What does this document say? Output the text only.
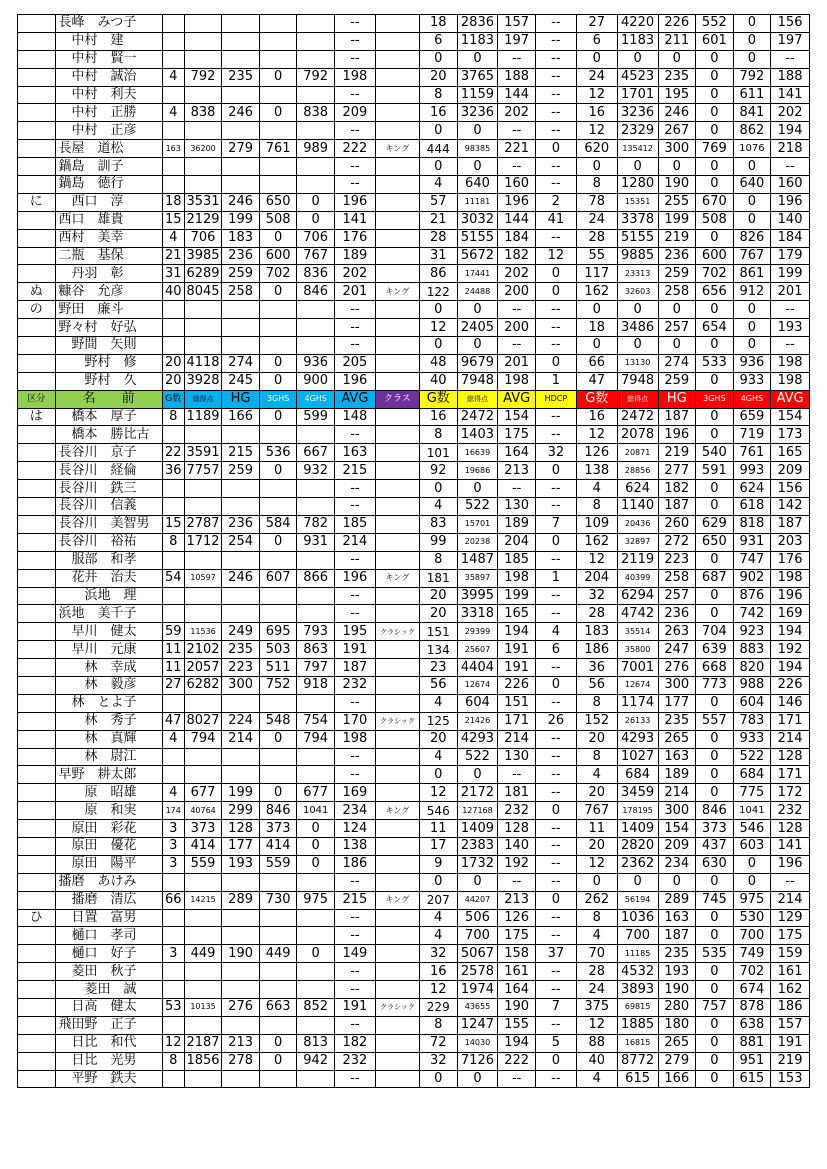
	長峰　みつ子						--		18	2836	157	--	27	4220	226	552	0	156
	　中村　建						--		6	1183	197	--	6	1183	211	601	0	197
	　中村　賢一						--		0	0	--	--	0	0	0	0	0	--
	　中村　誠治	4	792	235	0	792	198		20	3765	188	--	24	4523	235	0	792	188
	　中村　利夫						--		8	1159	144	--	12	1701	195	0	611	141
	　中村　正勝	4	838	246	0	838	209		16	3236	202	--	16	3236	246	0	841	202
	　中村　正彦						--		0	0	--	--	12	2329	267	0	862	194
	長屋　道松	163	36200	279	761	989	222	キング	444	98385	221	0	620	135412	300	769	1076	218
	鍋島　訓子						--		0	0	--	--	0	0	0	0	0	--
	鍋島　徳行						--		4	640	160	--	8	1280	190	0	640	160
に	　西口　淳	18	3531	246	650	0	196		57	11181	196	2	78	15351	255	670	0	196
	西口　雄貴	15	2129	199	508	0	141		21	3032	144	41	24	3378	199	508	0	140
	西村　美幸	4	706	183	0	706	176		28	5155	184	--	28	5155	219	0	826	184
	二瓶　基保	21	3985	236	600	767	189		31	5672	182	12	55	9885	236	600	767	179
	　丹羽　彰	31	6289	259	702	836	202		86	17441	202	0	117	23313	259	702	861	199
ぬ	糠谷　允彦	40	8045	258	0	846	201	キング	122	24488	200	0	162	32603	258	656	912	201
の	野田　廉斗						--		0	0	--	--	0	0	0	0	0	--
	野々村　好弘						--		12	2405	200	--	18	3486	257	654	0	193
	　野間　矢則						--		0	0	--	--	0	0	0	0	0	--
	　　野村　修	20	4118	274	0	936	205		48	9679	201	0	66	13130	274	533	936	198
	　　野村　久	20	3928	245	0	900	196		40	7948	198	1	47	7948	259	0	933	198
区分	名　　前	G数	総得点	HG	3GHS	4GHS	AVG	クラス	G数	総得点	AVG	HDCP	G数	総得点	HG	3GHS	4GHS	AVG
は	　橋本　厚子	8	1189	166	0	599	148		16	2472	154	--	16	2472	187	0	659	154
	　橋本　勝比古						--		8	1403	175	--	12	2078	196	0	719	173
	長谷川　京子	22	3591	215	536	667	163		101	16639	164	32	126	20871	219	540	761	165
	長谷川　経倫	36	7757	259	0	932	215		92	19686	213	0	138	28856	277	591	993	209
	長谷川　鉄三						--		0	0	--	--	4	624	182	0	624	156
	長谷川　信義						--		4	522	130	--	8	1140	187	0	618	142
	長谷川　美智男	15	2787	236	584	782	185		83	15701	189	7	109	20436	260	629	818	187
	長谷川　裕祐	8	1712	254	0	931	214		99	20238	204	0	162	32897	272	650	931	203
	　服部　和孝						--		8	1487	185	--	12	2119	223	0	747	176
	　花井　治夫	54	10597	246	607	866	196	キング	181	35897	198	1	204	40399	258	687	902	198
	　　浜地　理						--		20	3995	199	--	32	6294	257	0	876	196
	浜地　美千子						--		20	3318	165	--	28	4742	236	0	742	169
	　早川　健太	59	11536	249	695	793	195	クラシック	151	29399	194	4	183	35514	263	704	923	194
	　早川　元康	11	2102	235	503	863	191		134	25607	191	6	186	35800	247	639	883	192
	　　林　幸成	11	2057	223	511	797	187		23	4404	191	--	36	7001	276	668	820	194
	　　林　毅彦	27	6282	300	752	918	232		56	12674	226	0	56	12674	300	773	988	226
	　林　とよ子						--		4	604	151	--	8	1174	177	0	604	146
	　　林　秀子	47	8027	224	548	754	170	クラシック	125	21426	171	26	152	26133	235	557	783	171
	　　林　真輝	4	794	214	0	794	198		20	4293	214	--	20	4293	265	0	933	214
	　　林　尉江						--		4	522	130	--	8	1027	163	0	522	128
	早野　耕太郎						--		0	0	--	--	4	684	189	0	684	171
	　　原　昭雄	4	677	199	0	677	169		12	2172	181	--	20	3459	214	0	775	172
	　　原　和実	174	40764	299	846	1041	234	キング	546	127168	232	0	767	178195	300	846	1041	232
	　原田　彩花	3	373	128	373	0	124		11	1409	128	--	11	1409	154	373	546	128
	　原田　優花	3	414	177	414	0	138		17	2383	140	--	20	2820	209	437	603	141
	　原田　陽平	3	559	193	559	0	186		9	1732	192	--	12	2362	234	630	0	196
	播磨　あけみ						--		0	0	--	--	0	0	0	0	0	--
	　播磨　清広	66	14215	289	730	975	215	キング	207	44207	213	0	262	56194	289	745	975	214
ひ	　日置　富男						--		4	506	126	--	8	1036	163	0	530	129
	　樋口　孝司						--		4	700	175	--	4	700	187	0	700	175
	　樋口　好子	3	449	190	449	0	149		32	5067	158	37	70	11185	235	535	749	159
	　菱田　秋子						--		16	2578	161	--	28	4532	193	0	702	161
	　　菱田　誠						--		12	1974	164	--	24	3893	190	0	674	162
	　日高　健太	53	10135	276	663	852	191	クラシック	229	43655	190	7	375	69815	280	757	878	186
	飛田野　正子						--		8	1247	155	--	12	1885	180	0	638	157
	　日比　和代	12	2187	213	0	813	182		72	14030	194	5	88	16815	265	0	881	191
	　日比　光男	8	1856	278	0	942	232		32	7126	222	0	40	8772	279	0	951	219
	　平野　鉄夫						--		0	0	--	--	4	615	166	0	615	153
